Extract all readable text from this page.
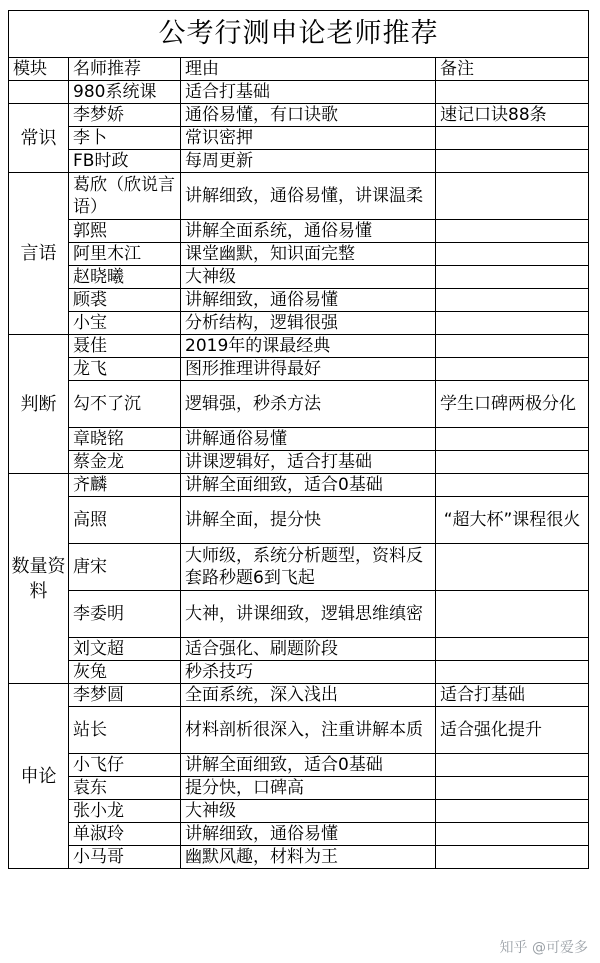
公考行测申论老师推荐			
模块	名师推荐	理由	备注
	980系统课	适合打基础	
常识	李梦娇	通俗易懂，有口诀歌	速记口诀88条
	李卜	常识密押	
	FB时政	每周更新	
言语	葛欣（欣说言语）	讲解细致，通俗易懂，讲课温柔	
	郭熙	讲解全面系统，通俗易懂	
	阿里木江	课堂幽默，知识面完整	
	赵晓曦	大神级	
	顾裘	讲解细致，通俗易懂	
	小宝	分析结构，逻辑很强	
判断	聂佳	2019年的课最经典	
	龙飞	图形推理讲得最好	
	勾不了沉	逻辑强，秒杀方法	学生口碑两极分化
	章晓铭	讲解通俗易懂	
	蔡金龙	讲课逻辑好，适合打基础	
数量资料	齐麟	讲解全面细致，适合0基础	
	高照	讲解全面，提分快	“超大杯”课程很火
	唐宋	大师级，系统分析题型，资料反套路秒题6到飞起	
	李委明	大神，讲课细致，逻辑思维缜密	
	刘文超	适合强化、刷题阶段	
	灰兔	秒杀技巧	
申论	李梦圆	全面系统，深入浅出	适合打基础
	站长	材料剖析很深入，注重讲解本质	适合强化提升
	小飞仔	讲解全面细致，适合0基础	
	袁东	提分快，口碑高	
	张小龙	大神级	
	单淑玲	讲解细致，通俗易懂	
	小马哥	幽默风趣，材料为王	
知乎 @可爱多
